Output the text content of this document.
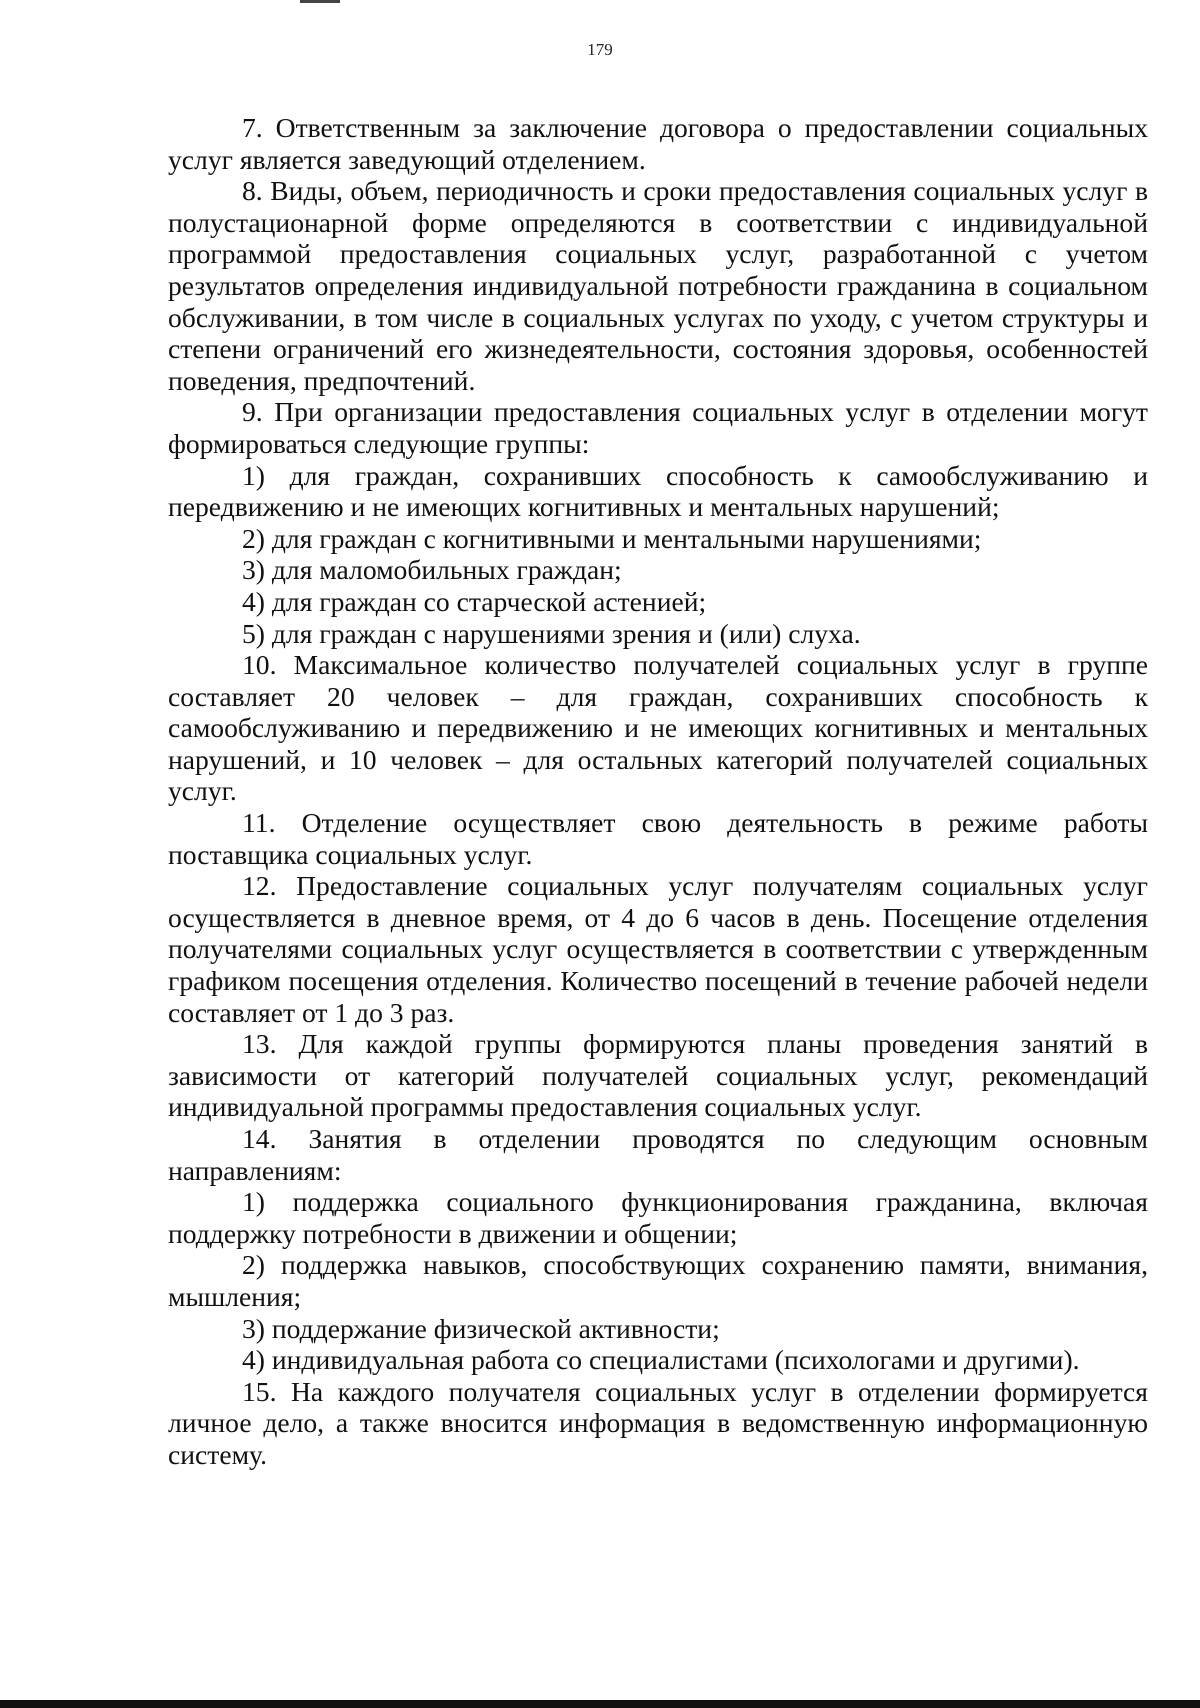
179

7. Ответственным за заключение договора о предоставлении социальных услуг является заведующий отделением.

8. Виды, объем, периодичность и сроки предоставления социальных услуг в полустационарной форме определяются в соответствии с индивидуальной программой предоставления социальных услуг, разработанной с учетом результатов определения индивидуальной потребности гражданина в социальном обслуживании, в том числе в социальных услугах по уходу, с учетом структуры и степени ограничений его жизнедеятельности, состояния здоровья, особенностей поведения, предпочтений.

9. При организации предоставления социальных услуг в отделении могут формироваться следующие группы:

1) для граждан, сохранивших способность к самообслуживанию и передвижению и не имеющих когнитивных и ментальных нарушений;

2) для граждан с когнитивными и ментальными нарушениями;

3) для маломобильных граждан;

4) для граждан со старческой астенией;

5) для граждан с нарушениями зрения и (или) слуха.

10. Максимальное количество получателей социальных услуг в группе составляет 20 человек – для граждан, сохранивших способность к самообслуживанию и передвижению и не имеющих когнитивных и ментальных нарушений, и 10 человек – для остальных категорий получателей социальных услуг.

11. Отделение осуществляет свою деятельность в режиме работы поставщика социальных услуг.

12. Предоставление социальных услуг получателям социальных услуг осуществляется в дневное время, от 4 до 6 часов в день. Посещение отделения получателями социальных услуг осуществляется в соответствии с утвержденным графиком посещения отделения. Количество посещений в течение рабочей недели составляет от 1 до 3 раз.

13. Для каждой группы формируются планы проведения занятий в зависимости от категорий получателей социальных услуг, рекомендаций индивидуальной программы предоставления социальных услуг.

14. Занятия в отделении проводятся по следующим основным направлениям:

1) поддержка социального функционирования гражданина, включая поддержку потребности в движении и общении;

2) поддержка навыков, способствующих сохранению памяти, внимания, мышления;

3) поддержание физической активности;

4) индивидуальная работа со специалистами (психологами и другими).

15. На каждого получателя социальных услуг в отделении формируется личное дело, а также вносится информация в ведомственную информационную систему.
